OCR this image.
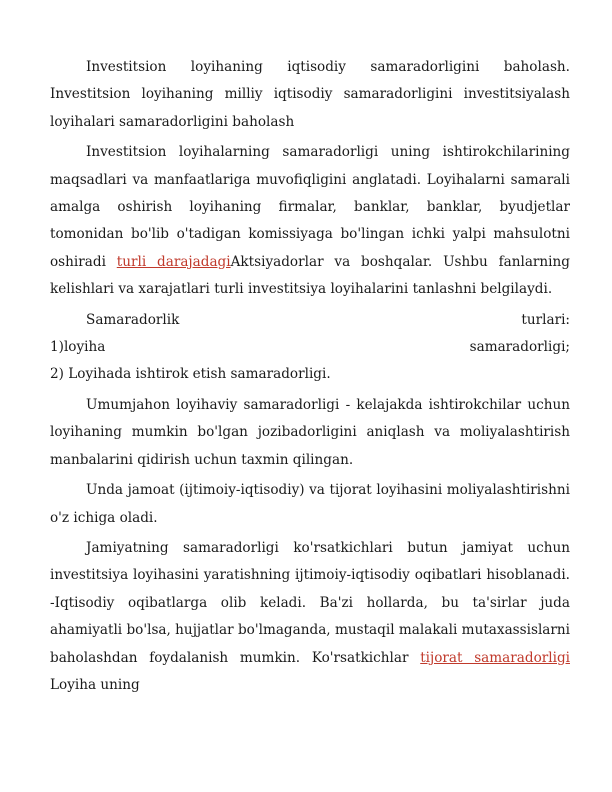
Investitsion loyihaning iqtisodiy samaradorligini baholash. Investitsion loyihaning milliy iqtisodiy samaradorligini investitsiyalash loyihalari samaradorligini baholash

Investitsion loyihalarning samaradorligi uning ishtirokchilarining maqsadlari va manfaatlariga muvofiqligini anglatadi. Loyihalarni samarali amalga oshirish loyihaning firmalar, banklar, banklar, byudjetlar tomonidan bo'lib o'tadigan komissiyaga bo'lingan ichki yalpi mahsulotni oshiradi turli darajadagiAktsiyadorlar va boshqalar. Ushbu fanlarning kelishlari va xarajatlari turli investitsiya loyihalarini tanlashni belgilaydi.

Samaradorlik	turlari:
1)loyiha	samaradorligi;

2) Loyihada ishtirok etish samaradorligi.

Umumjahon loyihaviy samaradorligi - kelajakda ishtirokchilar uchun loyihaning mumkin bo'lgan jozibadorligini aniqlash va moliyalashtirish manbalarini qidirish uchun taxmin qilingan.

Unda jamoat (ijtimoiy-iqtisodiy) va tijorat loyihasini moliyalashtirishni o'z ichiga oladi.

Jamiyatning samaradorligi ko'rsatkichlari butun jamiyat uchun investitsiya loyihasini yaratishning ijtimoiy-iqtisodiy oqibatlari hisoblanadi. -Iqtisodiy oqibatlarga olib keladi. Ba'zi hollarda, bu ta'sirlar juda ahamiyatli bo'lsa, hujjatlar bo'lmaganda, mustaqil malakali mutaxassislarni baholashdan foydalanish mumkin. Ko'rsatkichlar tijorat samaradorligi Loyiha uning
